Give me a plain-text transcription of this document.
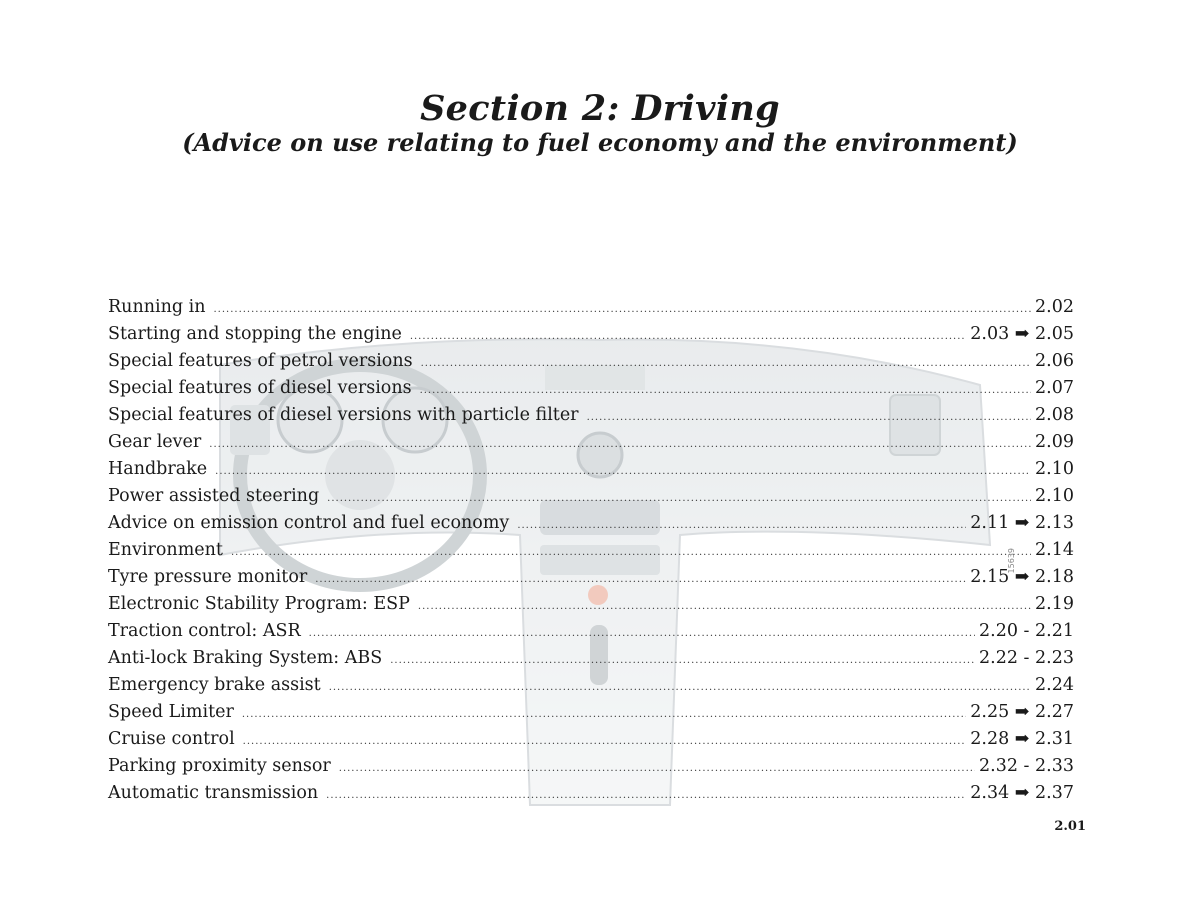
Section 2: Driving
(Advice on use relating to fuel economy and the environment)
Running in .....	2.02
Starting and stopping the engine .....	2.03 ➡ 2.05
Special features of petrol versions .....	2.06
Special features of diesel versions .....	2.07
Special features of diesel versions with particle filter .....	2.08
Gear lever .....	2.09
Handbrake .....	2.10
Power assisted steering .....	2.10
Advice on emission control and fuel economy .....	2.11 ➡ 2.13
Environment .....	2.14
Tyre pressure monitor .....	2.15 ➡ 2.18
Electronic Stability Program: ESP .....	2.19
Traction control: ASR .....	2.20 - 2.21
Anti-lock Braking System: ABS .....	2.22 - 2.23
Emergency brake assist .....	2.24
Speed Limiter .....	2.25 ➡ 2.27
Cruise control .....	2.28 ➡ 2.31
Parking proximity sensor .....	2.32 - 2.33
Automatic transmission .....	2.34 ➡ 2.37
15639
2.01
